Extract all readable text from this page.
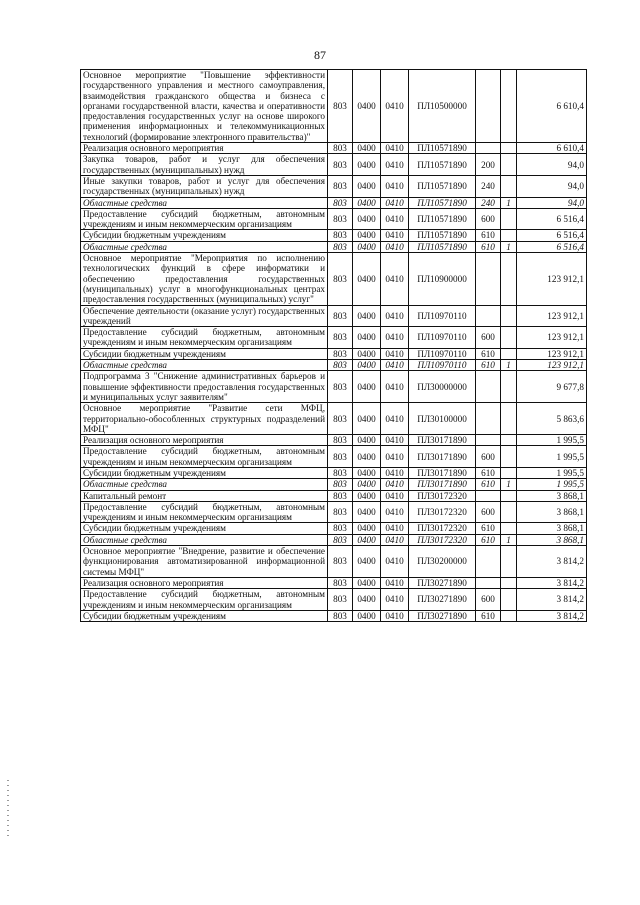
87
Основное мероприятие "Повышение эффективности государственного управления и местного самоуправления, взаимодействия гражданского общества и бизнеса с органами государственной власти, качества и оперативности предоставления государственных услуг на основе широкого применения информационных и телекоммуникационных технологий (формирование электронного правительства)"	803	0400	0410	ПЛ10500000			6 610,4
Реализация основного мероприятия	803	0400	0410	ПЛ10571890			6 610,4
Закупка товаров, работ и услуг для обеспечения государственных (муниципальных) нужд	803	0400	0410	ПЛ10571890	200		94,0
Иные закупки товаров, работ и услуг для обеспечения государственных (муниципальных) нужд	803	0400	0410	ПЛ10571890	240		94,0
Областные средства	803	0400	0410	ПЛ10571890	240	1	94,0
Предоставление субсидий бюджетным, автономным учреждениям и иным некоммерческим организациям	803	0400	0410	ПЛ10571890	600		6 516,4
Субсидии бюджетным учреждениям	803	0400	0410	ПЛ10571890	610		6 516,4
Областные средства	803	0400	0410	ПЛ10571890	610	1	6 516,4
Основное мероприятие "Мероприятия по исполнению технологических функций в сфере информатики и обеспечению предоставления государственных (муниципальных) услуг в многофункциональных центрах предоставления государственных (муниципальных) услуг"	803	0400	0410	ПЛ10900000			123 912,1
Обеспечение деятельности (оказание услуг) государственных учреждений	803	0400	0410	ПЛ10970110			123 912,1
Предоставление субсидий бюджетным, автономным учреждениям и иным некоммерческим организациям	803	0400	0410	ПЛ10970110	600		123 912,1
Субсидии бюджетным учреждениям	803	0400	0410	ПЛ10970110	610		123 912,1
Областные средства	803	0400	0410	ПЛ10970110	610	1	123 912,1
Подпрограмма 3 "Снижение административных барьеров и повышение эффективности предоставления государственных и муниципальных услуг заявителям"	803	0400	0410	ПЛ30000000			9 677,8
Основное мероприятие "Развитие сети МФЦ, территориально-обособленных структурных подразделений МФЦ"	803	0400	0410	ПЛ30100000			5 863,6
Реализация основного мероприятия	803	0400	0410	ПЛ30171890			1 995,5
Предоставление субсидий бюджетным, автономным учреждениям и иным некоммерческим организациям	803	0400	0410	ПЛ30171890	600		1 995,5
Субсидии бюджетным учреждениям	803	0400	0410	ПЛ30171890	610		1 995,5
Областные средства	803	0400	0410	ПЛ30171890	610	1	1 995,5
Капитальный ремонт	803	0400	0410	ПЛ30172320			3 868,1
Предоставление субсидий бюджетным, автономным учреждениям и иным некоммерческим организациям	803	0400	0410	ПЛ30172320	600		3 868,1
Субсидии бюджетным учреждениям	803	0400	0410	ПЛ30172320	610		3 868,1
Областные средства	803	0400	0410	ПЛ30172320	610	1	3 868,1
Основное мероприятие "Внедрение, развитие и обеспечение функционирования автоматизированной информационной системы МФЦ"	803	0400	0410	ПЛ30200000			3 814,2
Реализация основного мероприятия	803	0400	0410	ПЛ30271890			3 814,2
Предоставление субсидий бюджетным, автономным учреждениям и иным некоммерческим организациям	803	0400	0410	ПЛ30271890	600		3 814,2
Субсидии бюджетным учреждениям	803	0400	0410	ПЛ30271890	610		3 814,2
